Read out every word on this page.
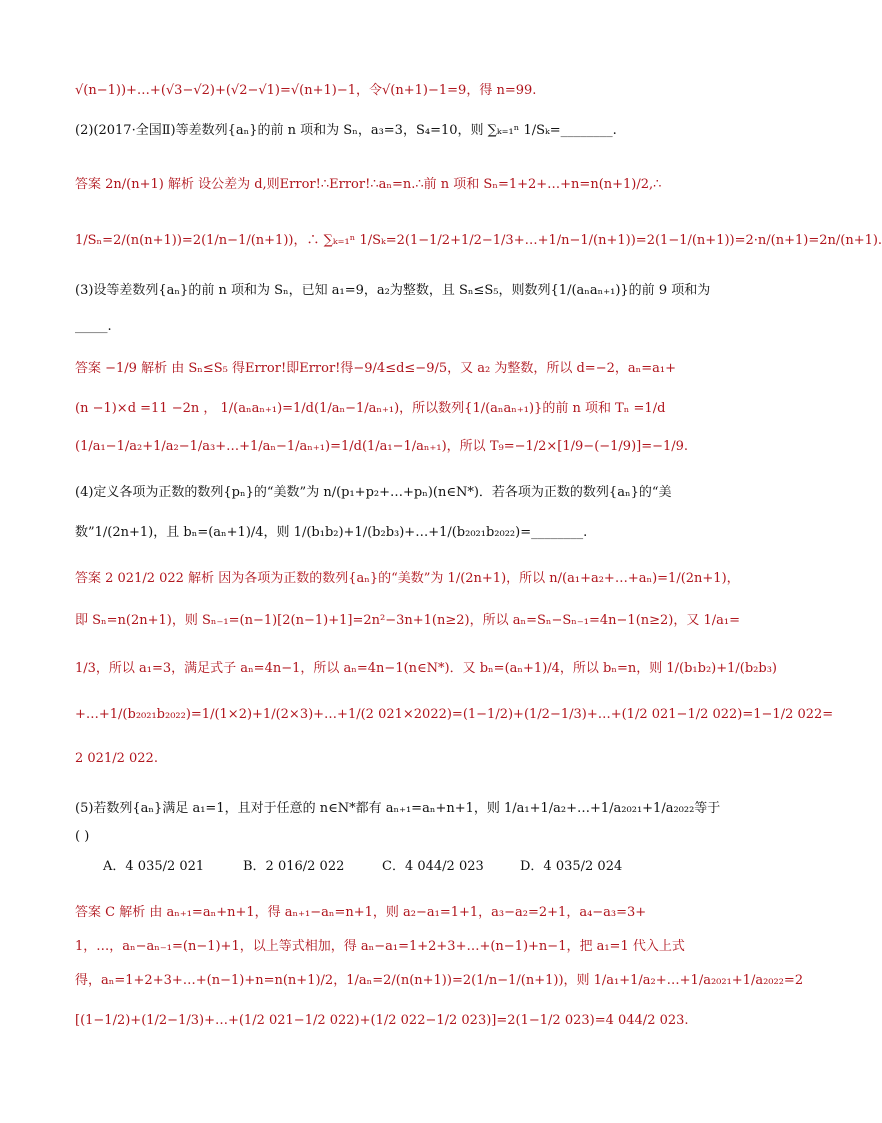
√(n−1))+…+(√3−√2)+(√2−√1)=√(n+1)−1，令√(n+1)−1=9，得 n=99.
(2)(2017·全国Ⅱ)等差数列{aₙ}的前 n 项和为 Sₙ，a₃=3，S₄=10，则 ∑ₖ₌₁ⁿ 1/Sₖ=________.
答案 2n/(n+1) 解析 设公差为 d,则Error!∴Error!∴aₙ=n.∴前 n 项和 Sₙ=1+2+…+n=n(n+1)/2,∴
1/Sₙ=2/(n(n+1))=2(1/n−1/(n+1))，∴ ∑ₖ₌₁ⁿ 1/Sₖ=2(1−1/2+1/2−1/3+…+1/n−1/(n+1))=2(1−1/(n+1))=2·n/(n+1)=2n/(n+1).
(3)设等差数列{aₙ}的前 n 项和为 Sₙ，已知 a₁=9，a₂为整数，且 Sₙ≤S₅，则数列{1/(aₙaₙ₊₁)}的前 9 项和为
_____.
答案 −1/9 解析 由 Sₙ≤S₅ 得Error!即Error!得−9/4≤d≤−9/5，又 a₂ 为整数，所以 d=−2，aₙ=a₁+
(n −1)×d =11 −2n ， 1/(aₙaₙ₊₁)=1/d(1/aₙ−1/aₙ₊₁)，所以数列{1/(aₙaₙ₊₁)}的前 n 项和 Tₙ =1/d
(1/a₁−1/a₂+1/a₂−1/a₃+…+1/aₙ−1/aₙ₊₁)=1/d(1/a₁−1/aₙ₊₁)，所以 T₉=−1/2×[1/9−(−1/9)]=−1/9.
(4)定义各项为正数的数列{pₙ}的“美数”为 n/(p₁+p₂+…+pₙ)(n∈N*)．若各项为正数的数列{aₙ}的“美
数”1/(2n+1)，且 bₙ=(aₙ+1)/4，则 1/(b₁b₂)+1/(b₂b₃)+…+1/(b₂₀₂₁b₂₀₂₂)=________.
答案 2 021/2 022 解析 因为各项为正数的数列{aₙ}的“美数”为 1/(2n+1)，所以 n/(a₁+a₂+…+aₙ)=1/(2n+1)，
即 Sₙ=n(2n+1)，则 Sₙ₋₁=(n−1)[2(n−1)+1]=2n²−3n+1(n≥2)，所以 aₙ=Sₙ−Sₙ₋₁=4n−1(n≥2)，又 1/a₁=
1/3，所以 a₁=3，满足式子 aₙ=4n−1，所以 aₙ=4n−1(n∈N*)．又 bₙ=(aₙ+1)/4，所以 bₙ=n，则 1/(b₁b₂)+1/(b₂b₃)
+…+1/(b₂₀₂₁b₂₀₂₂)=1/(1×2)+1/(2×3)+…+1/(2 021×2022)=(1−1/2)+(1/2−1/3)+…+(1/2 021−1/2 022)=1−1/2 022=
2 021/2 022.
(5)若数列{aₙ}满足 a₁=1，且对于任意的 n∈N*都有 aₙ₊₁=aₙ+n+1，则 1/a₁+1/a₂+…+1/a₂₀₂₁+1/a₂₀₂₂等于
( )
A．4 035/2 021	B．2 016/2 022	C．4 044/2 023	D．4 035/2 024
答案 C 解析 由 aₙ₊₁=aₙ+n+1，得 aₙ₊₁−aₙ=n+1，则 a₂−a₁=1+1，a₃−a₂=2+1，a₄−a₃=3+
1，…，aₙ−aₙ₋₁=(n−1)+1，以上等式相加，得 aₙ−a₁=1+2+3+…+(n−1)+n−1，把 a₁=1 代入上式
得，aₙ=1+2+3+…+(n−1)+n=n(n+1)/2，1/aₙ=2/(n(n+1))=2(1/n−1/(n+1))，则 1/a₁+1/a₂+…+1/a₂₀₂₁+1/a₂₀₂₂=2
[(1−1/2)+(1/2−1/3)+…+(1/2 021−1/2 022)+(1/2 022−1/2 023)]=2(1−1/2 023)=4 044/2 023.
